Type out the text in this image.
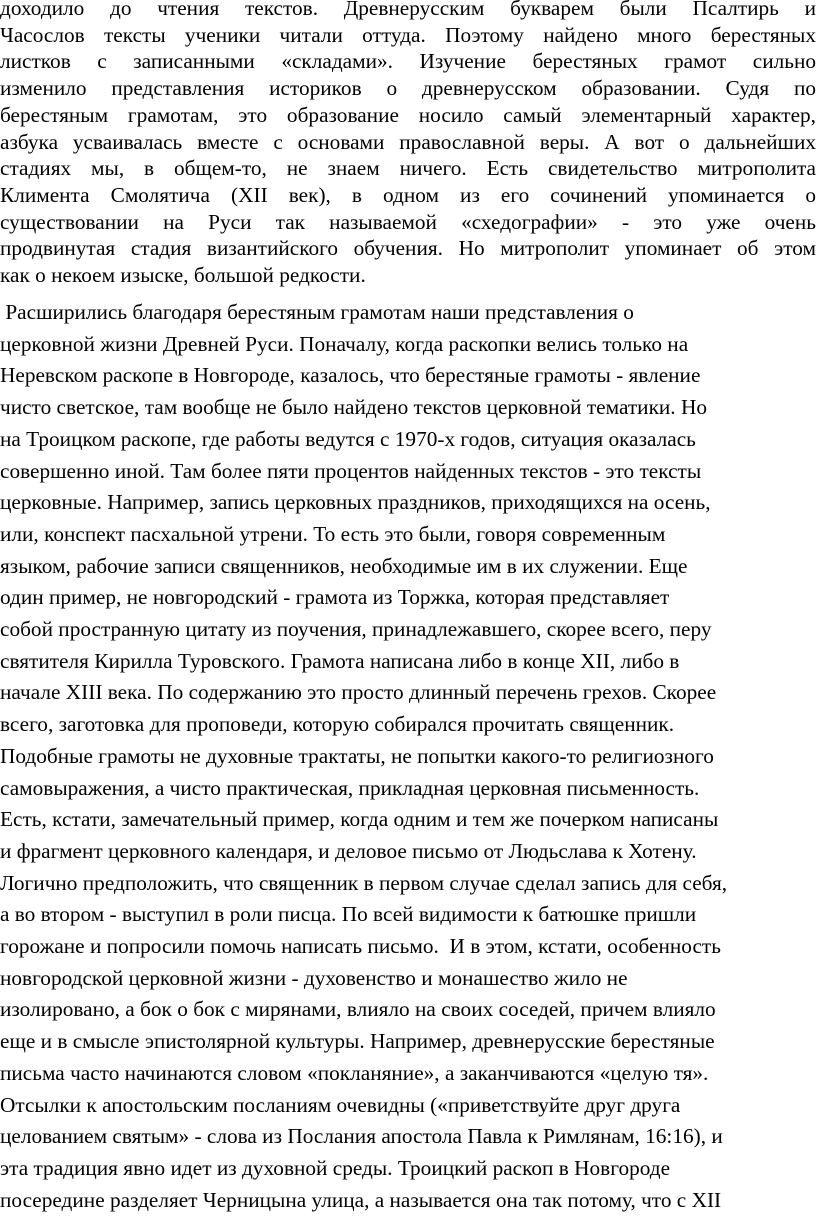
доходило до чтения текстов. Древнерусским букварем были Псалтирь и
Часослов тексты ученики читали оттуда. Поэтому найдено много берестяных
листков с записанными «складами». Изучение берестяных грамот сильно
изменило представления историков о древнерусском образовании. Судя по
берестяным грамотам, это образование носило самый элементарный характер,
азбука усваивалась вместе с основами православной веры. А вот о дальнейших
стадиях мы, в общем-то, не знаем ничего. Есть свидетельство митрополита
Климента Смолятича (XII век), в одном из его сочинений упоминается о
существовании на Руси так называемой «схедографии» - это уже очень
продвинутая стадия византийского обучения. Но митрополит упоминает об этом
как о некоем изыске, большой редкости.
Расширились благодаря берестяным грамотам наши представления о
церковной жизни Древней Руси. Поначалу, когда раскопки велись только на
Неревском раскопе в Новгороде, казалось, что берестяные грамоты - явление
чисто светское, там вообще не было найдено текстов церковной тематики. Но
на Троицком раскопе, где работы ведутся с 1970-х годов, ситуация оказалась
совершенно иной. Там более пяти процентов найденных текстов - это тексты
церковные. Например, запись церковных праздников, приходящихся на осень,
или, конспект пасхальной утрени. То есть это были, говоря современным
языком, рабочие записи священников, необходимые им в их служении. Еще
один пример, не новгородский - грамота из Торжка, которая представляет
собой пространную цитату из поучения, принадлежавшего, скорее всего, перу
святителя Кирилла Туровского. Грамота написана либо в конце XII, либо в
начале XIII века. По содержанию это просто длинный перечень грехов. Скорее
всего, заготовка для проповеди, которую собирался прочитать священник.
Подобные грамоты не духовные трактаты, не попытки какого-то религиозного
самовыражения, а чисто практическая, прикладная церковная письменность.
Есть, кстати, замечательный пример, когда одним и тем же почерком написаны
и фрагмент церковного календаря, и деловое письмо от Людьслава к Хотену.
Логично предположить, что священник в первом случае сделал запись для себя,
а во втором - выступил в роли писца. По всей видимости к батюшке пришли
горожане и попросили помочь написать письмо.  И в этом, кстати, особенность
новгородской церковной жизни - духовенство и монашество жило не
изолировано, а бок о бок с мирянами, влияло на своих соседей, причем влияло
еще и в смысле эпистолярной культуры. Например, древнерусские берестяные
письма часто начинаются словом «покланяние», а заканчиваются «целую тя».
Отсылки к апостольским посланиям очевидны («приветствуйте друг друга
целованием святым» - слова из Послания апостола Павла к Римлянам, 16:16), и
эта традиция явно идет из духовной среды. Троицкий раскоп в Новгороде
посередине разделяет Черницына улица, а называется она так потому, что с XII
